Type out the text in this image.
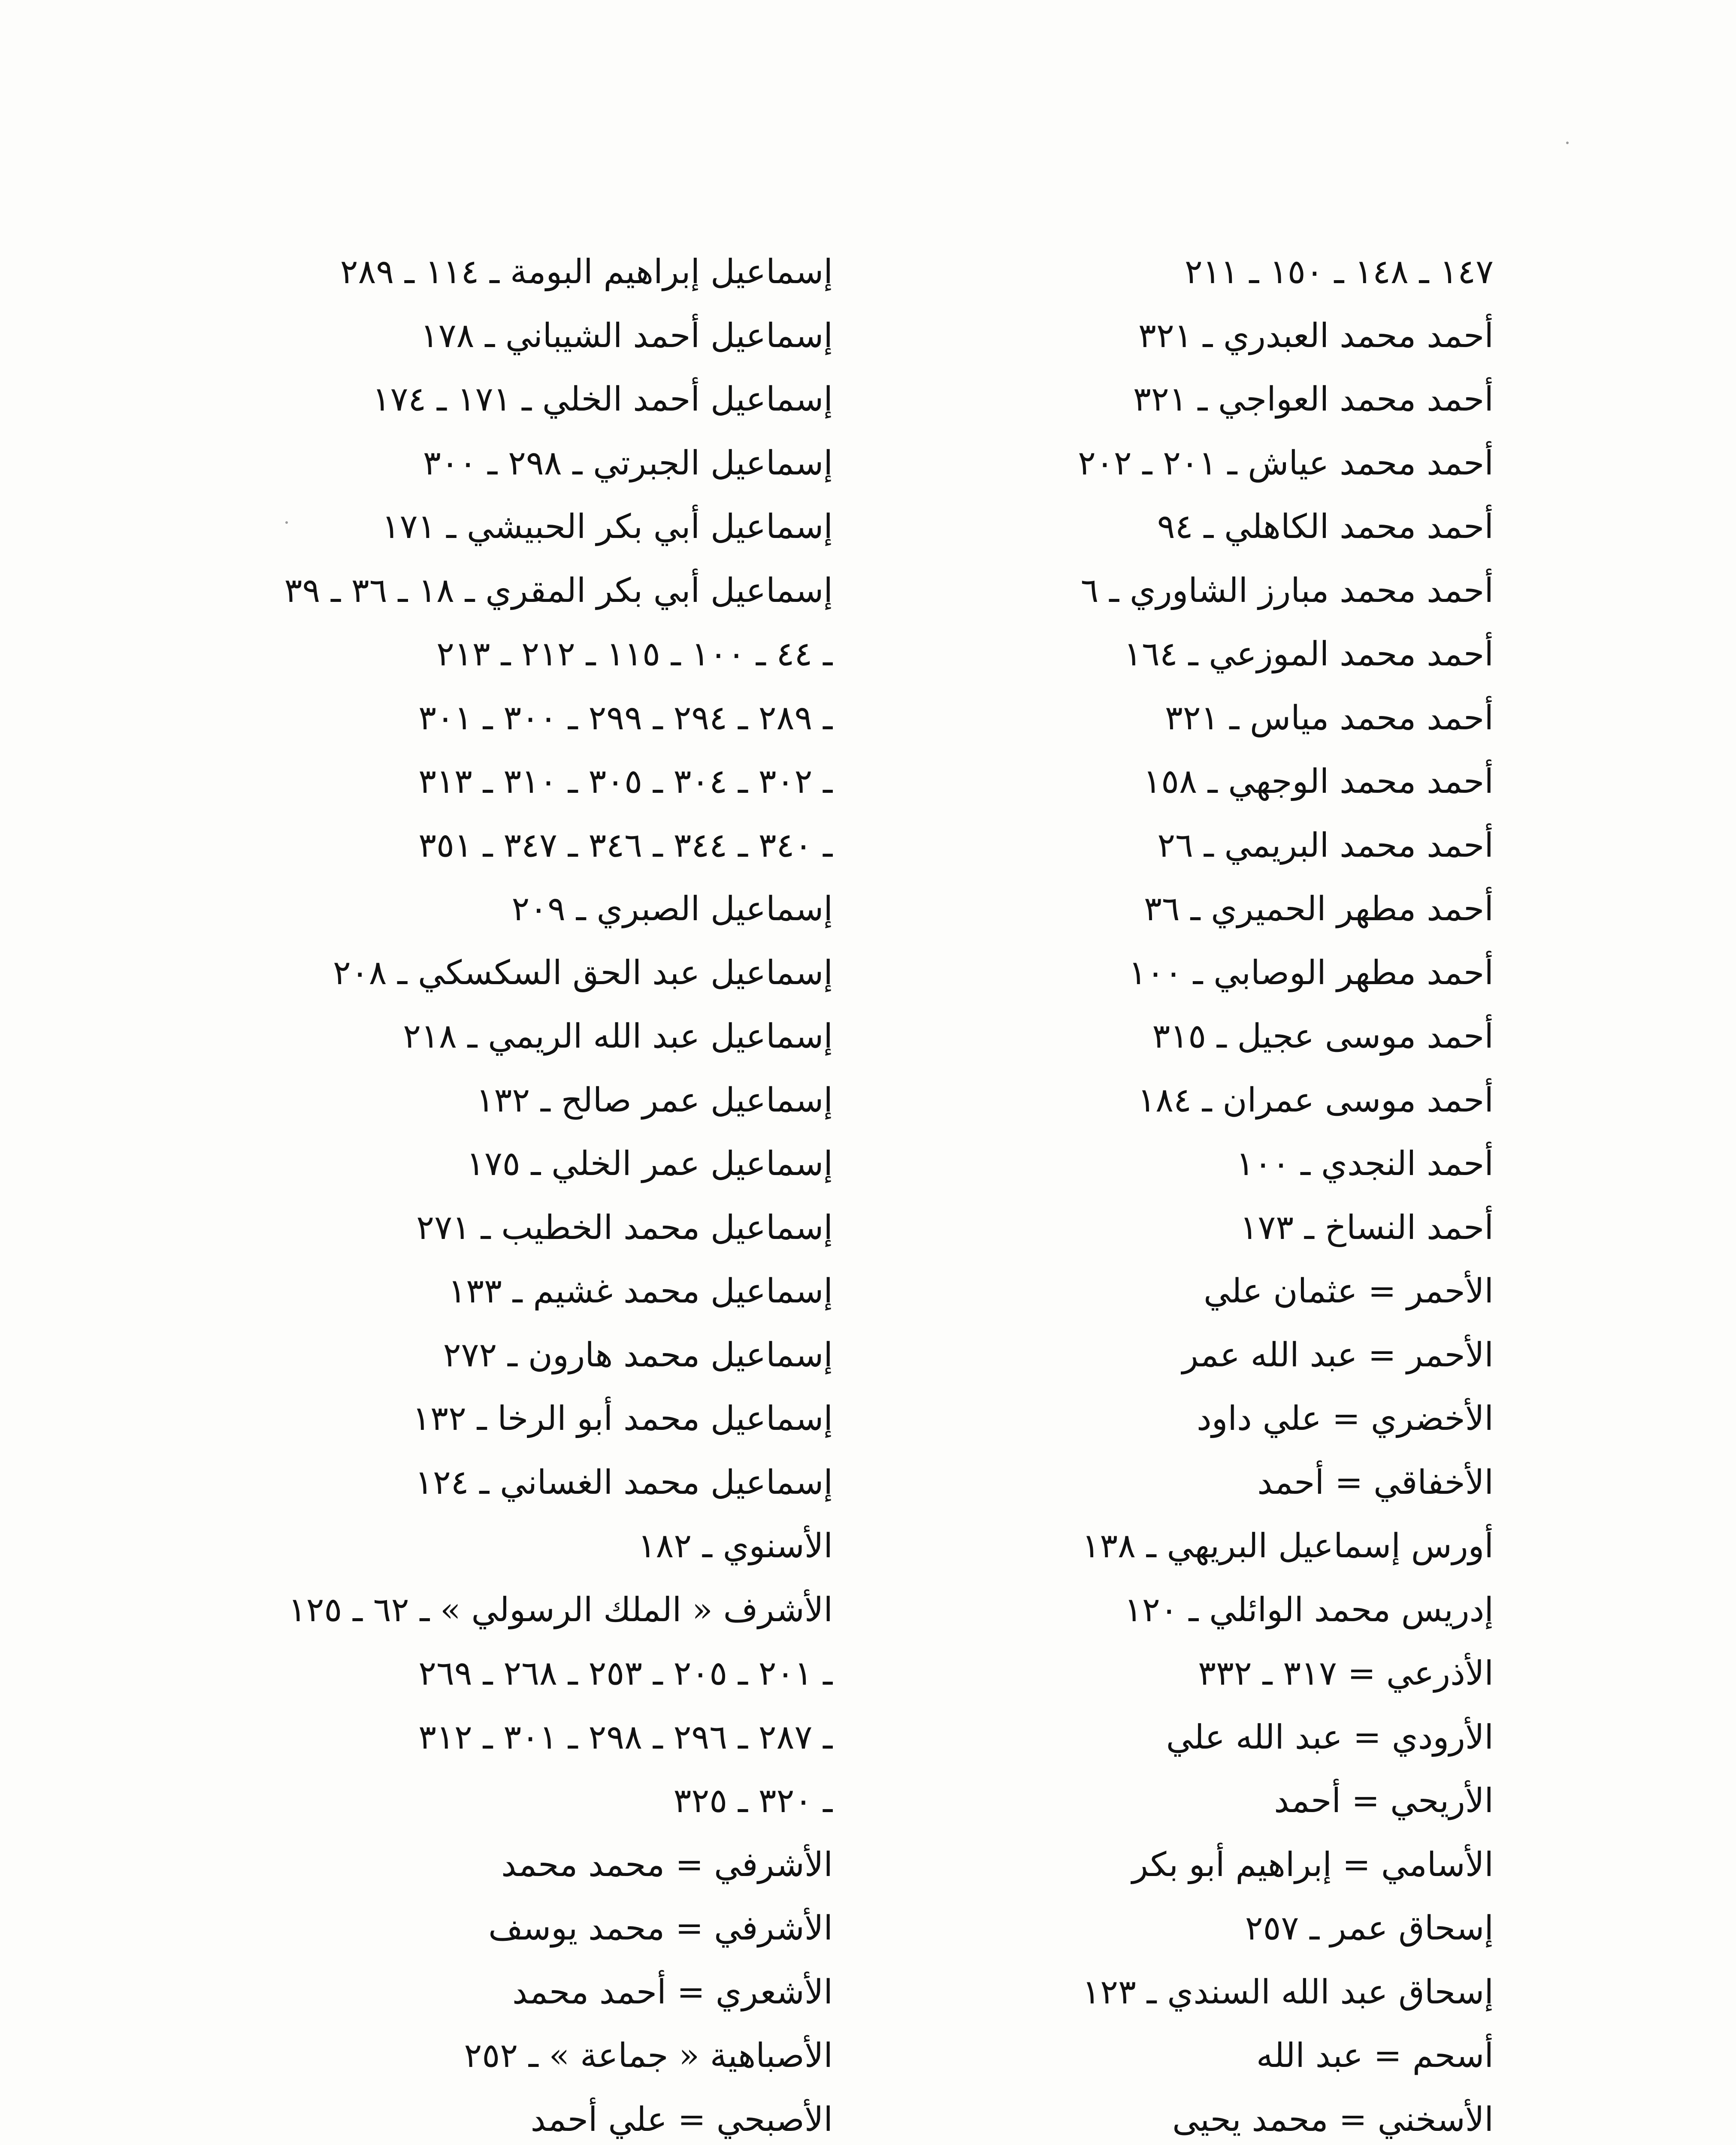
١٤٧ ـ ١٤٨ ـ ١٥٠ ـ ٢١١
أحمد محمد العبدري ـ ٣٢١
أحمد محمد العواجي ـ ٣٢١
أحمد محمد عياش ـ ٢٠١ ـ ٢٠٢
أحمد محمد الكاهلي ـ ٩٤
أحمد محمد مبارز الشاوري ـ ٦
أحمد محمد الموزعي ـ ١٦٤
أحمد محمد مياس ـ ٣٢١
أحمد محمد الوجهي ـ ١٥٨
أحمد محمد البريمي ـ ٢٦
أحمد مطهر الحميري ـ ٣٦
أحمد مطهر الوصابي ـ ١٠٠
أحمد موسى عجيل ـ ٣١٥
أحمد موسى عمران ـ ١٨٤
أحمد النجدي ـ ١٠٠
أحمد النساخ ـ ١٧٣
الأحمر = عثمان علي
الأحمر = عبد الله عمر
الأخضري = علي داود
الأخفاقي = أحمد
أورس إسماعيل البريهي ـ ١٣٨
إدريس محمد الوائلي ـ ١٢٠
الأذرعي = ٣١٧ ـ ٣٣٢
الأرودي = عبد الله علي
الأريحي = أحمد
الأسامي = إبراهيم أبو بكر
إسحاق عمر ـ ٢٥٧
إسحاق عبد الله السندي ـ ١٢٣
أسحم = عبد الله
الأسخني = محمد يحيى
إسماعيل إبراهيم البومة ـ ١١٤ ـ ٢٨٩
إسماعيل أحمد الشيباني ـ ١٧٨
إسماعيل أحمد الخلي ـ ١٧١ ـ ١٧٤
إسماعيل الجبرتي ـ ٢٩٨ ـ ٣٠٠
إسماعيل أبي بكر الحبيشي ـ ١٧١
إسماعيل أبي بكر المقري ـ ١٨ ـ ٣٦ ـ ٣٩
ـ ٤٤ ـ ١٠٠ ـ ١١٥ ـ ٢١٢ ـ ٢١٣
ـ ٢٨٩ ـ ٢٩٤ ـ ٢٩٩ ـ ٣٠٠ ـ ٣٠١
ـ ٣٠٢ ـ ٣٠٤ ـ ٣٠٥ ـ ٣١٠ ـ ٣١٣
ـ ٣٤٠ ـ ٣٤٤ ـ ٣٤٦ ـ ٣٤٧ ـ ٣٥١
إسماعيل الصبري ـ ٢٠٩
إسماعيل عبد الحق السكسكي ـ ٢٠٨
إسماعيل عبد الله الريمي ـ ٢١٨
إسماعيل عمر صالح ـ ١٣٢
إسماعيل عمر الخلي ـ ١٧٥
إسماعيل محمد الخطيب ـ ٢٧١
إسماعيل محمد غشيم ـ ١٣٣
إسماعيل محمد هارون ـ ٢٧٢
إسماعيل محمد أبو الرخا ـ ١٣٢
إسماعيل محمد الغساني ـ ١٢٤
الأسنوي ـ ١٨٢
الأشرف « الملك الرسولي » ـ ٦٢ ـ ١٢٥
ـ ٢٠١ ـ ٢٠٥ ـ ٢٥٣ ـ ٢٦٨ ـ ٢٦٩
ـ ٢٨٧ ـ ٢٩٦ ـ ٢٩٨ ـ ٣٠١ ـ ٣١٢
ـ ٣٢٠ ـ ٣٢٥
الأشرفي = محمد محمد
الأشرفي = محمد يوسف
الأشعري = أحمد محمد
الأصباهية « جماعة » ـ ٢٥٢
الأصبحي = علي أحمد
